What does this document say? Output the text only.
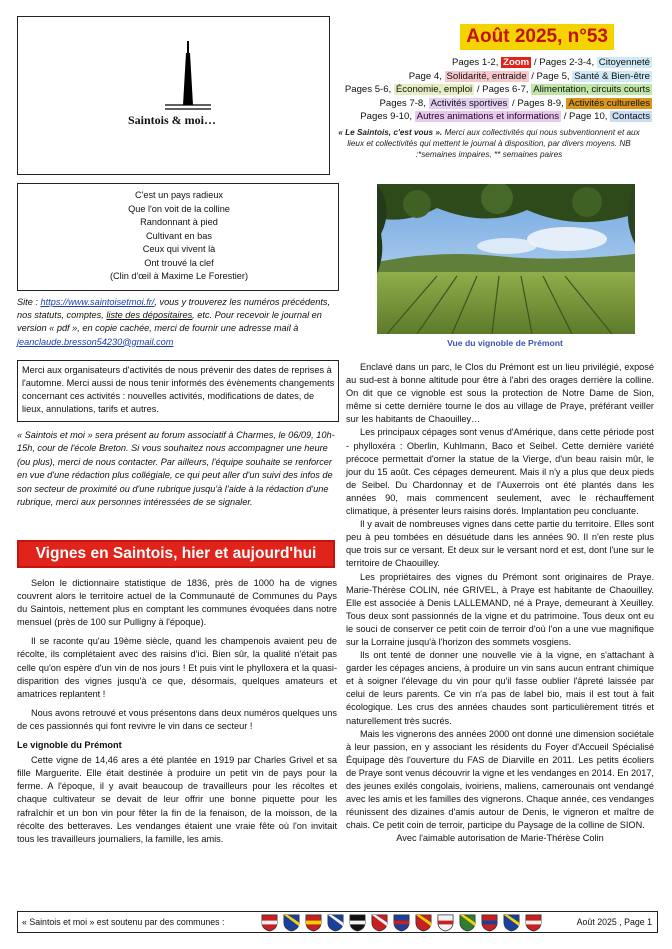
Saintois & moi…
Août 2025, n°53
Pages 1-2, Zoom / Pages 2-3-4, Citoyenneté
Page 4, Solidarité, entraide / Page 5, Santé & Bien-être
Pages 5-6, Économie, emploi / Pages 6-7, Alimentation, circuits courts
Pages 7-8, Activités sportives / Pages 8-9, Activités culturelles
Pages 9-10, Autres animations et informations / Page 10, Contacts
« Le Saintois, c'est vous ». Merci aux collectivités qui nous subventionnent et aux lieux et collectivités qui mettent le journal à disposition, par divers moyens. NB :*semaines impaires, ** semaines paires
C'est un pays radieux
Que l'on voit de la colline
Randonnant à pied
Cultivant en bas
Ceux qui vivent là
Ont trouvé la clef
(Clin d'œil à Maxime Le Forestier)
Site : https://www.saintoisetmoi.fr/, vous y trouverez les numéros précédents, nos statuts, comptes, liste des dépositaires, etc. Pour recevoir le journal en version « pdf », en copie cachée, merci de fournir une adresse mail à jeanclaude.bresson54230@gmail.com	Vue du vignoble de Prémont
Merci aux organisateurs d'activités de nous prévenir des dates de reprises à l'automne. Merci aussi de nous tenir informés des évènements changements concernant ces activités : nouvelles activités, modifications de dates, de lieux, annulations, tarifs et autres.
« Saintois et moi » sera présent au forum associatif à Charmes, le 06/09, 10h-15h, cour de l'école Breton. Si vous souhaitez nous accompagner une heure (ou plus), merci de nous contacter. Par ailleurs, l'équipe souhaite se renforcer en vue d'une rédaction plus collégiale, ce qui peut aller d'un suivi des infos de son secteur de proximité ou d'une rubrique jusqu'à l'aide à la rédaction d'une rubrique, merci aux personnes intéressées de se signaler.
Vignes en Saintois, hier et aujourd'hui

Selon le dictionnaire statistique de 1836, près de 1000 ha de vignes couvrent alors le territoire actuel de la Communauté de Communes du Pays du Saintois, nettement plus en comptant les communes évoquées dans notre mensuel (près de 100 sur Pulligny à l'époque).

Il se raconte qu'au 19ème siècle, quand les champenois avaient peu de récolte, ils complétaient avec des raisins d'ici. Bien sûr, la qualité n'était pas celle qu'on espère d'un vin de nos jours ! Et puis vint le phylloxera et la quasi-disparition des vignes jusqu'à ce que, désormais, quelques amateurs et amatrices replantent !

Nous avons retrouvé et vous présentons dans deux numéros quelques uns de ces passionnés qui font revivre le vin dans ce secteur !

Le vignoble du Prémont

Cette vigne de 14,46 ares a été plantée en 1919 par Charles Grivel et sa fille Marguerite. Elle était destinée à produire un petit vin de pays pour la ferme. A l'époque, il y avait beaucoup de travailleurs pour les récoltes et chaque cultivateur se devait de leur offrir une bonne piquette pour les rafraîchir et un bon vin pour fêter la fin de la fenaison, de la moisson, de la récolte des betteraves. Les vendanges étaient une vraie fête où l'on invitait tous les travailleurs journaliers, la famille, les amis.

Enclavé dans un parc, le Clos du Prémont est un lieu privilégié, exposé au sud-est à bonne altitude pour être à l'abri des orages derrière la colline. On dit que ce vignoble est sous la protection de Notre Dame de Sion, même si cette dernière tourne le dos au village de Praye, préférant veiller sur les habitants de Chaouilley…

Les principaux cépages sont venus d'Amérique, dans cette période post - phylloxéra : Oberlin, Kuhlmann, Baco et Seibel. Cette dernière variété précoce permettait d'orner la statue de la Vierge, d'un beau raisin mûr, le jour du 15 août. Ces cépages demeurent. Mais il n'y a plus que deux pieds de Seibel. Du Chardonnay et de l'Auxerrois ont été plantés dans les années 90, mais commencent seulement, avec le réchauffement climatique, à présenter leurs raisins dorés. Implantation peu concluante.

Il y avait de nombreuses vignes dans cette partie du territoire. Elles sont peu à peu tombées en désuétude dans les années 90. Il n'en reste plus que trois sur ce versant. Et deux sur le versant nord et est, dont l'une sur le territoire de Chaouilley.

Les propriétaires des vignes du Prémont sont originaires de Praye. Marie-Thérèse COLIN, née GRIVEL, à Praye est habitante de Chaouilley. Elle est associée à Denis LALLEMAND, né à Praye, demeurant à Xeuilley. Tous deux sont passionnés de la vigne et du patrimoine. Tous deux ont eu le souci de conserver ce petit coin de terroir d'où l'on a une vue magnifique sur la Lorraine jusqu'à l'horizon des sommets vosgiens.

Ils ont tenté de donner une nouvelle vie à la vigne, en s'attachant à garder les cépages anciens, à produire un vin sans aucun entrant chimique et à soigner l'élevage du vin pour qu'il fasse oublier l'âpreté laissée par celui de leurs parents. Ce vin n'a pas de label bio, mais il est tout à fait écologique. Les crus des années chaudes sont particulièrement titrés et naturellement très sucrés.

Mais les vignerons des années 2000 ont donné une dimension sociétale à leur passion, en y associant les résidents du Foyer d'Accueil Spécialisé Équipage dès l'ouverture du FAS de Diarville en 2011. Les petits écoliers de Praye sont venus découvrir la vigne et les vendanges en 2014. En 2017, des jeunes exilés congolais, ivoiriens, maliens, camerounais ont vendangé avec les amis et les familles des vignerons. Chaque année, ces vendanges réunissent des dizaines d'amis autour de Denis, le vigneron et maître de chais. Ce petit coin de terroir, participe du Paysage de la colline de SION.

Avec l'aimable autorisation de Marie-Thérèse Colin

« Saintois et moi » est soutenu par des communes :	Août 2025 , Page 1
